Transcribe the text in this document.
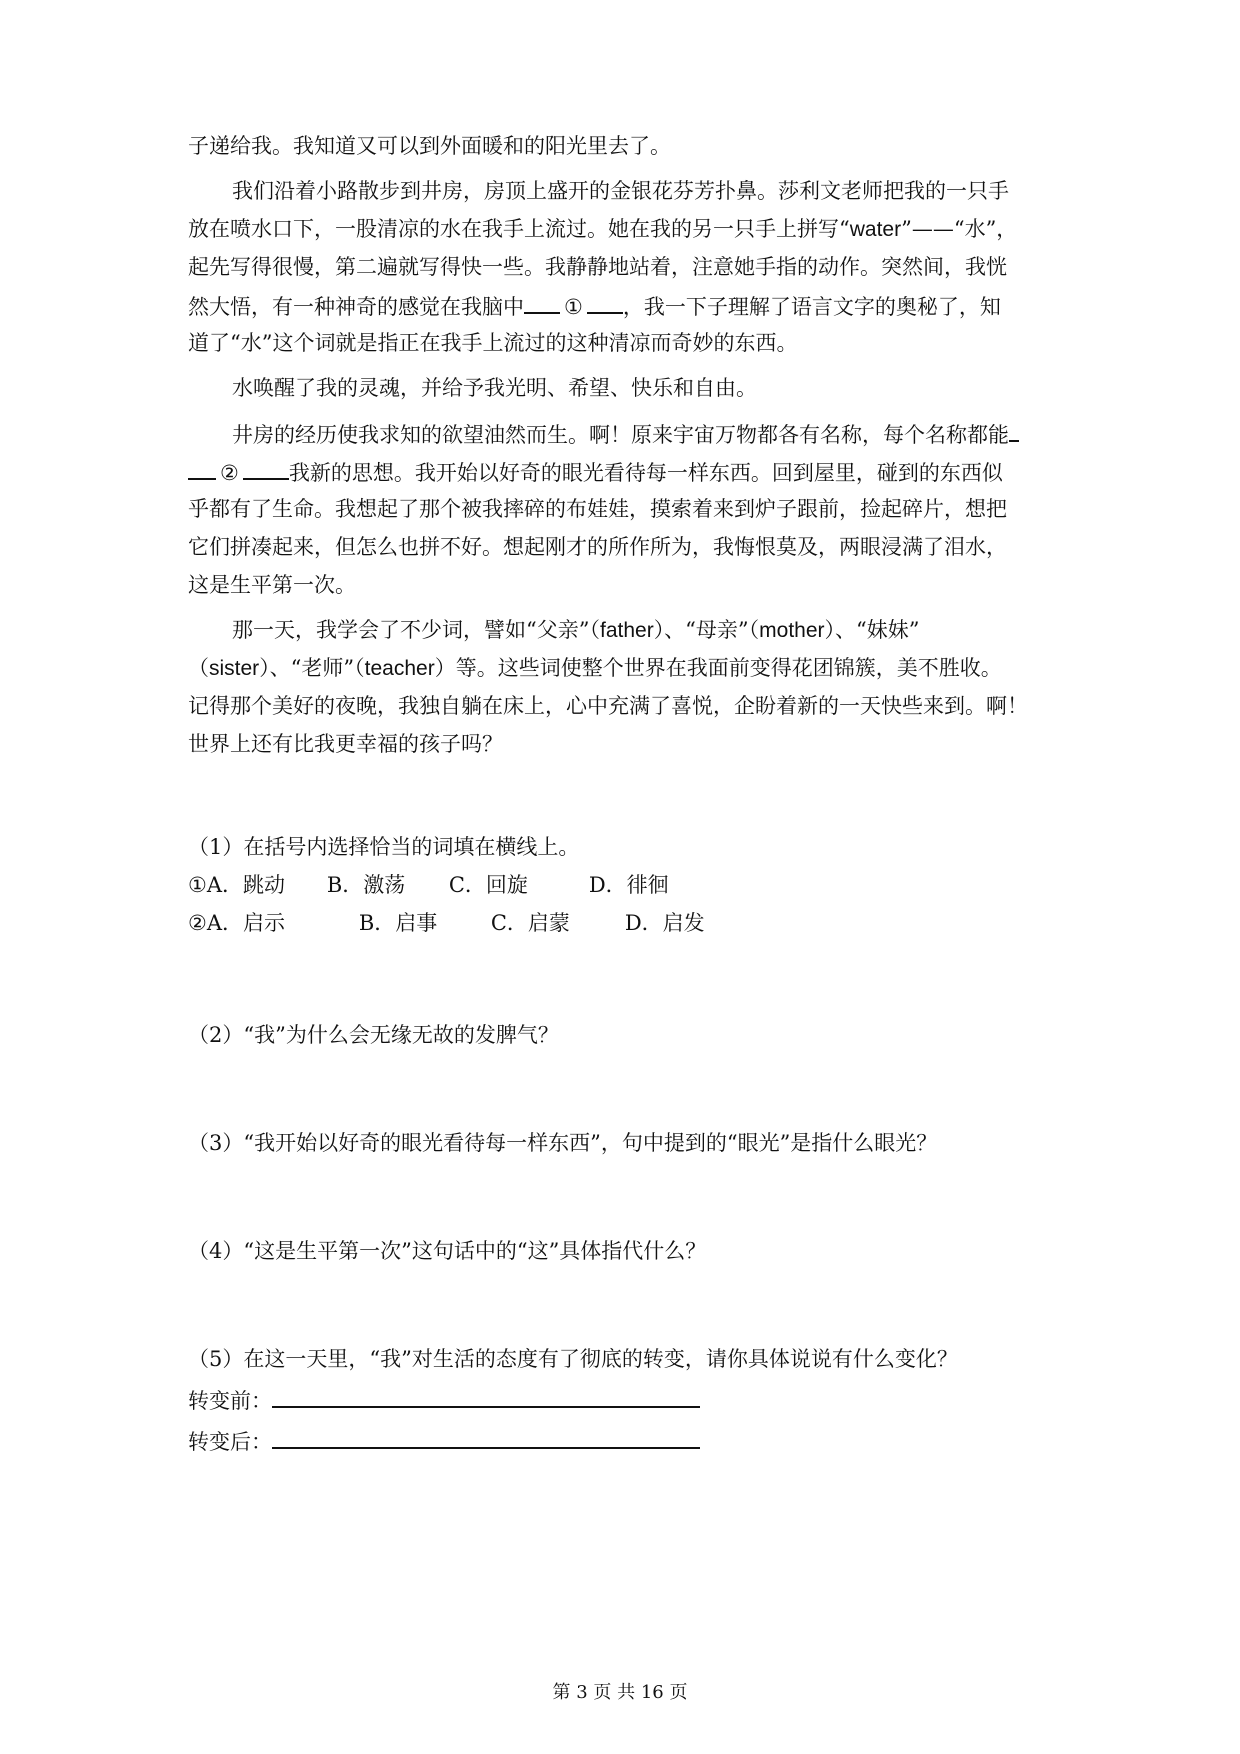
子递给我。我知道又可以到外面暖和的阳光里去了。
我们沿着小路散步到井房，房顶上盛开的金银花芬芳扑鼻。莎利文老师把我的一只手
放在喷水口下，一股清凉的水在我手上流过。她在我的另一只手上拼写“water”——“水”，
起先写得很慢，第二遍就写得快一些。我静静地站着，注意她手指的动作。突然间，我恍
然大悟，有一种神奇的感觉在我脑中 ① ，我一下子理解了语言文字的奥秘了，知
道了“水”这个词就是指正在我手上流过的这种清凉而奇妙的东西。
水唤醒了我的灵魂，并给予我光明、希望、快乐和自由。
井房的经历使我求知的欲望油然而生。啊！原来宇宙万物都各有名称，每个名称都能
② 我新的思想。我开始以好奇的眼光看待每一样东西。回到屋里，碰到的东西似
乎都有了生命。我想起了那个被我摔碎的布娃娃，摸索着来到炉子跟前，捡起碎片，想把
它们拼凑起来，但怎么也拼不好。想起刚才的所作所为，我悔恨莫及，两眼浸满了泪水，
这是生平第一次。
那一天，我学会了不少词，譬如“父亲”（father）、“母亲”（mother）、“妹妹”
（sister）、“老师”（teacher）等。这些词使整个世界在我面前变得花团锦簇，美不胜收。
记得那个美好的夜晚，我独自躺在床上，心中充满了喜悦，企盼着新的一天快些来到。啊！
世界上还有比我更幸福的孩子吗？
（1）在括号内选择恰当的词填在横线上。
①A．跳动 B．激荡 C．回旋	D．徘徊
②A．启示	B．启事	C．启蒙	D．启发
（2）“我”为什么会无缘无故的发脾气？
（3）“我开始以好奇的眼光看待每一样东西”，句中提到的“眼光”是指什么眼光？
（4）“这是生平第一次”这句话中的“这”具体指代什么？
（5）在这一天里，“我”对生活的态度有了彻底的转变，请你具体说说有什么变化？
转变前：
转变后：
第 3 页 共 16 页
